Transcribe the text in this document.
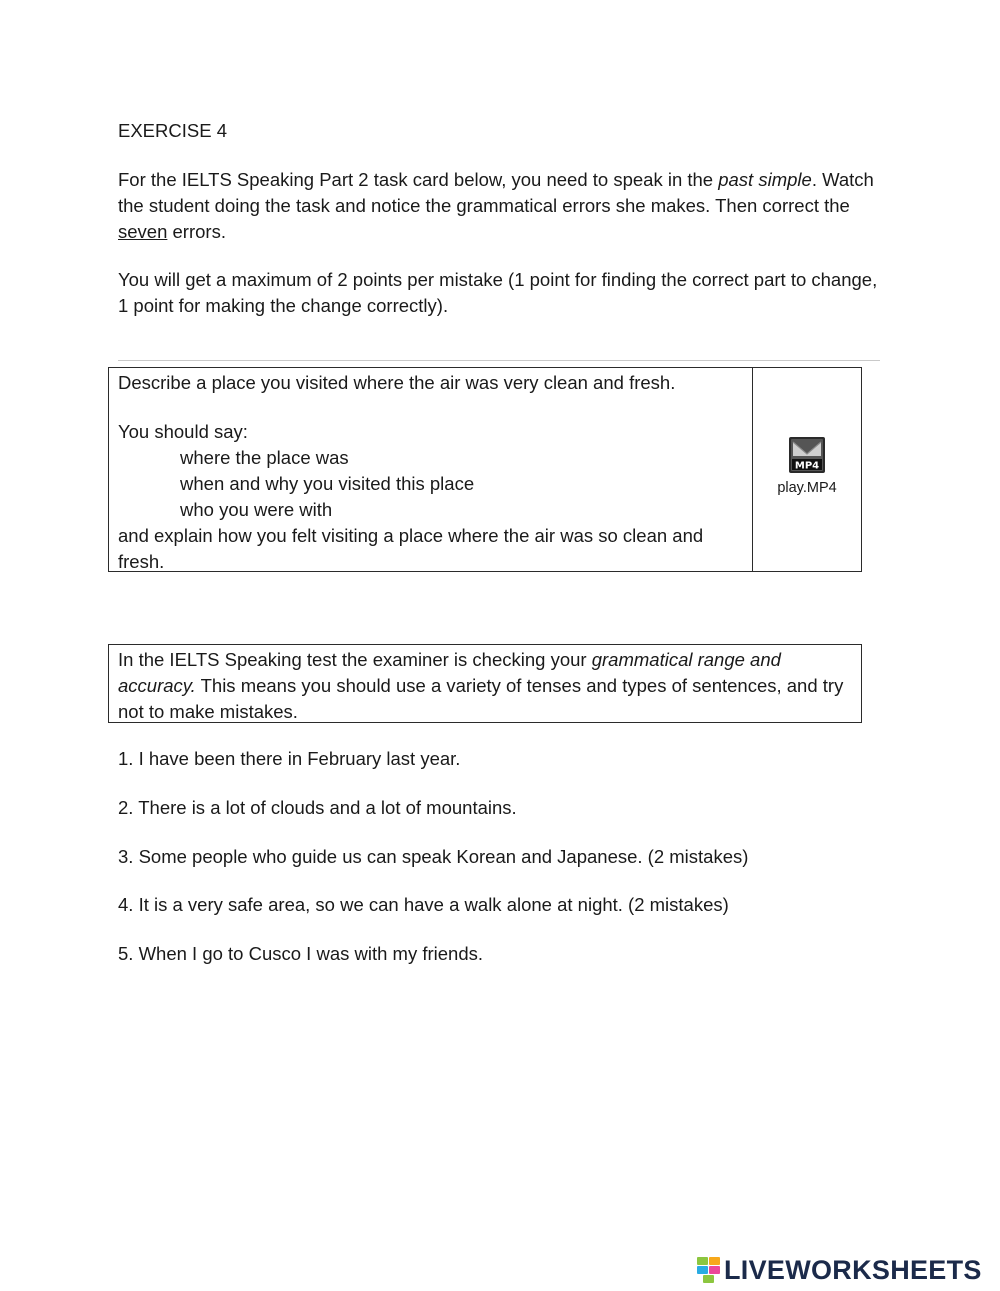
EXERCISE 4

For the IELTS Speaking Part 2 task card below, you need to speak in the past simple. Watch the student doing the task and notice the grammatical errors she makes. Then correct the seven errors.

You will get a maximum of 2 points per mistake (1 point for finding the correct part to change, 1 point for making the change correctly).

Describe a place you visited where the air was very clean and fresh.

You should say:

where the place was

when and why you visited this place

who you were with

and explain how you felt visiting a place where the air was so clean and fresh.

MP4
play.MP4

In the IELTS Speaking test the examiner is checking your grammatical range and accuracy. This means you should use a variety of tenses and types of sentences, and try not to make mistakes.

1. I have been there in February last year.

2. There is a lot of clouds and a lot of mountains.

3. Some people who guide us can speak Korean and Japanese. (2 mistakes)

4. It is a very safe area, so we can have a walk alone at night. (2 mistakes)

5. When I go to Cusco I was with my friends.

LIVEWORKSHEETS
